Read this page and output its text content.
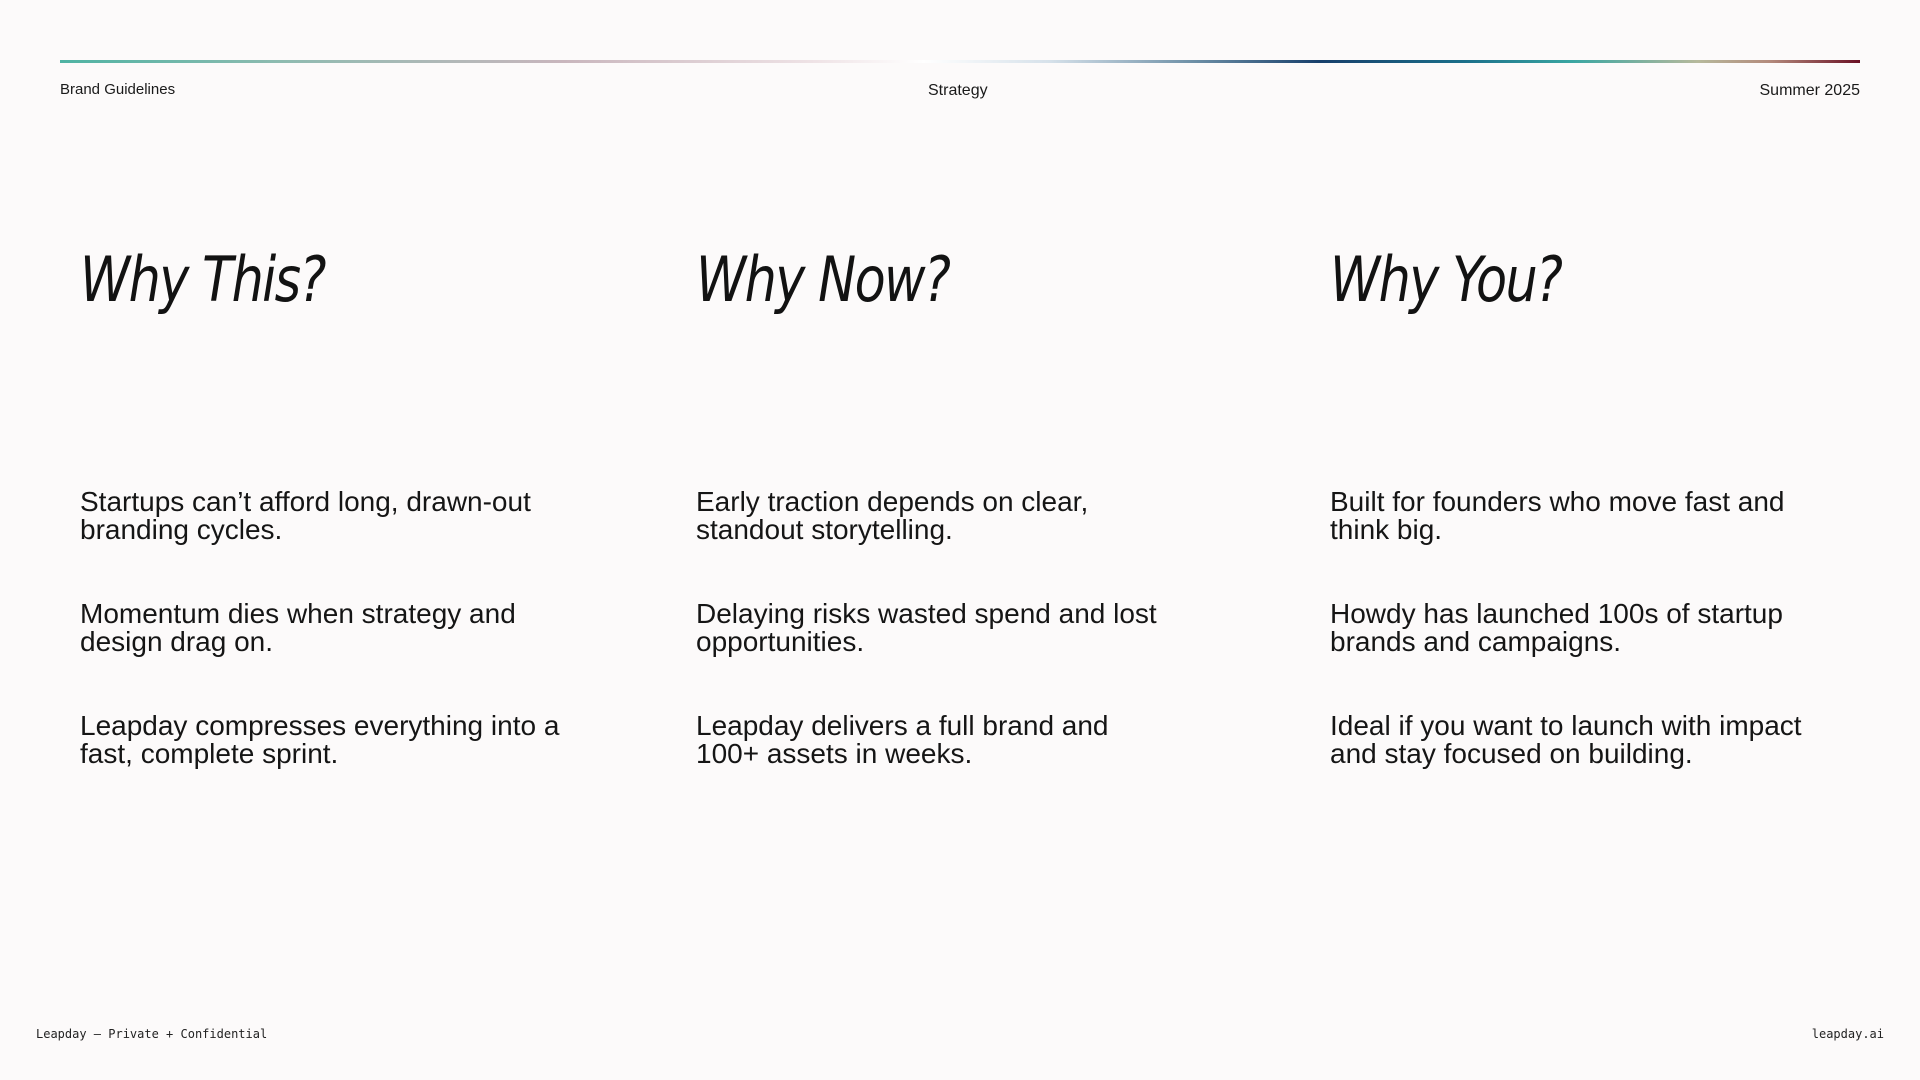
Brand Guidelines	Strategy	Summer 2025
Why This?

Startups can’t afford long, drawn-out branding cycles.

Momentum dies when strategy and design drag on.

Leapday compresses everything into a fast, complete sprint.

Why Now?

Early traction depends on clear, standout storytelling.

Delaying risks wasted spend and lost opportunities.

Leapday delivers a full brand and 100+ assets in weeks.

Why You?

Built for founders who move fast and think big.

Howdy has launched 100s of startup brands and campaigns.

Ideal if you want to launch with impact and stay focused on building.

Leapday — Private + Confidential	leapday.ai
